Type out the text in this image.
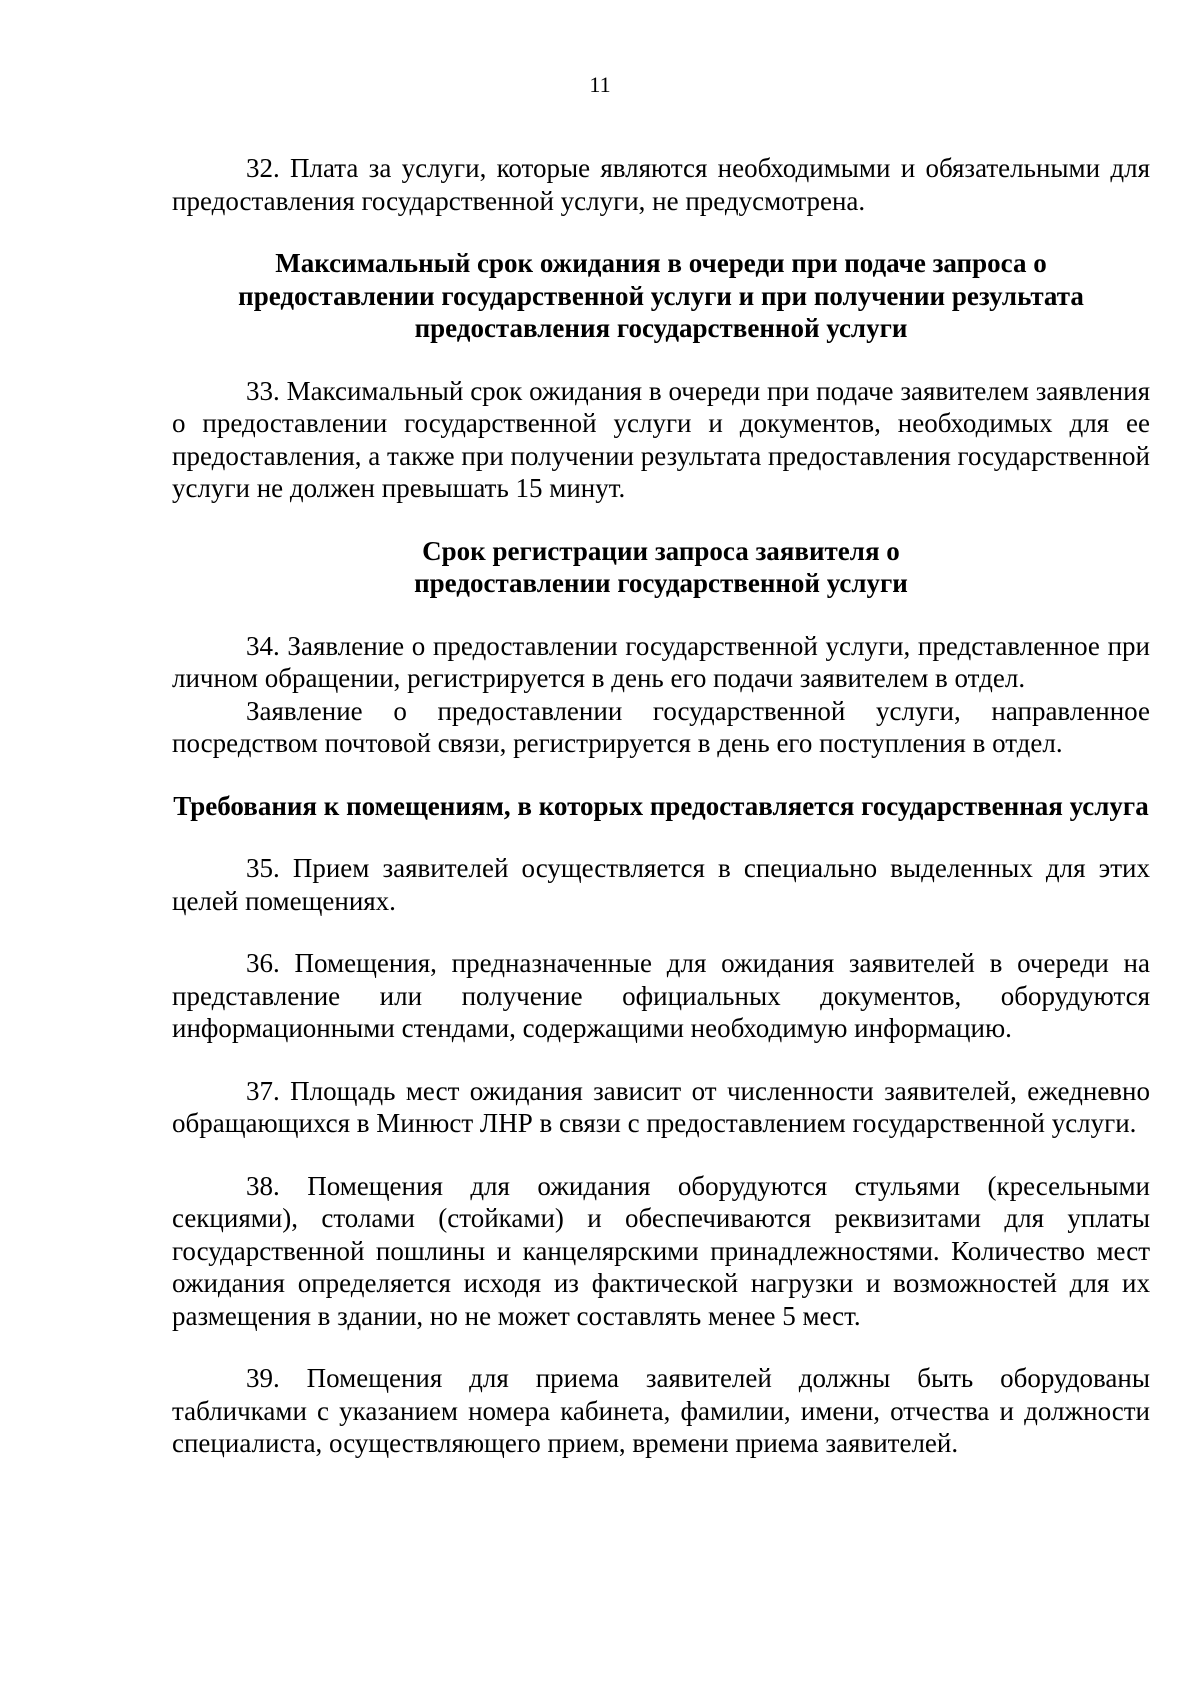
11

32. Плата за услуги, которые являются необходимыми и обязательными для предоставления государственной услуги, не предусмотрена.

Максимальный срок ожидания в очереди при подаче запроса о предоставлении государственной услуги и при получении результата предоставления государственной услуги

33. Максимальный срок ожидания в очереди при подаче заявителем заявления о предоставлении государственной услуги и документов, необходимых для ее предоставления, а также при получении результата предоставления государственной услуги не должен превышать 15 минут.

Срок регистрации запроса заявителя о предоставлении государственной услуги

34. Заявление о предоставлении государственной услуги, представленное при личном обращении, регистрируется в день его подачи заявителем в отдел.

Заявление о предоставлении государственной услуги, направленное посредством почтовой связи, регистрируется в день его поступления в отдел.

Требования к помещениям, в которых предоставляется государственная услуга

35. Прием заявителей осуществляется в специально выделенных для этих целей помещениях.

36. Помещения, предназначенные для ожидания заявителей в очереди на представление или получение официальных документов, оборудуются информационными стендами, содержащими необходимую информацию.

37. Площадь мест ожидания зависит от численности заявителей, ежедневно обращающихся в Минюст ЛНР в связи с предоставлением государственной услуги.

38. Помещения для ожидания оборудуются стульями (кресельными секциями), столами (стойками) и обеспечиваются реквизитами для уплаты государственной пошлины и канцелярскими принадлежностями. Количество мест ожидания определяется исходя из фактической нагрузки и возможностей для их размещения в здании, но не может составлять менее 5 мест.

39. Помещения для приема заявителей должны быть оборудованы табличками с указанием номера кабинета, фамилии, имени, отчества и должности специалиста, осуществляющего прием, времени приема заявителей.
